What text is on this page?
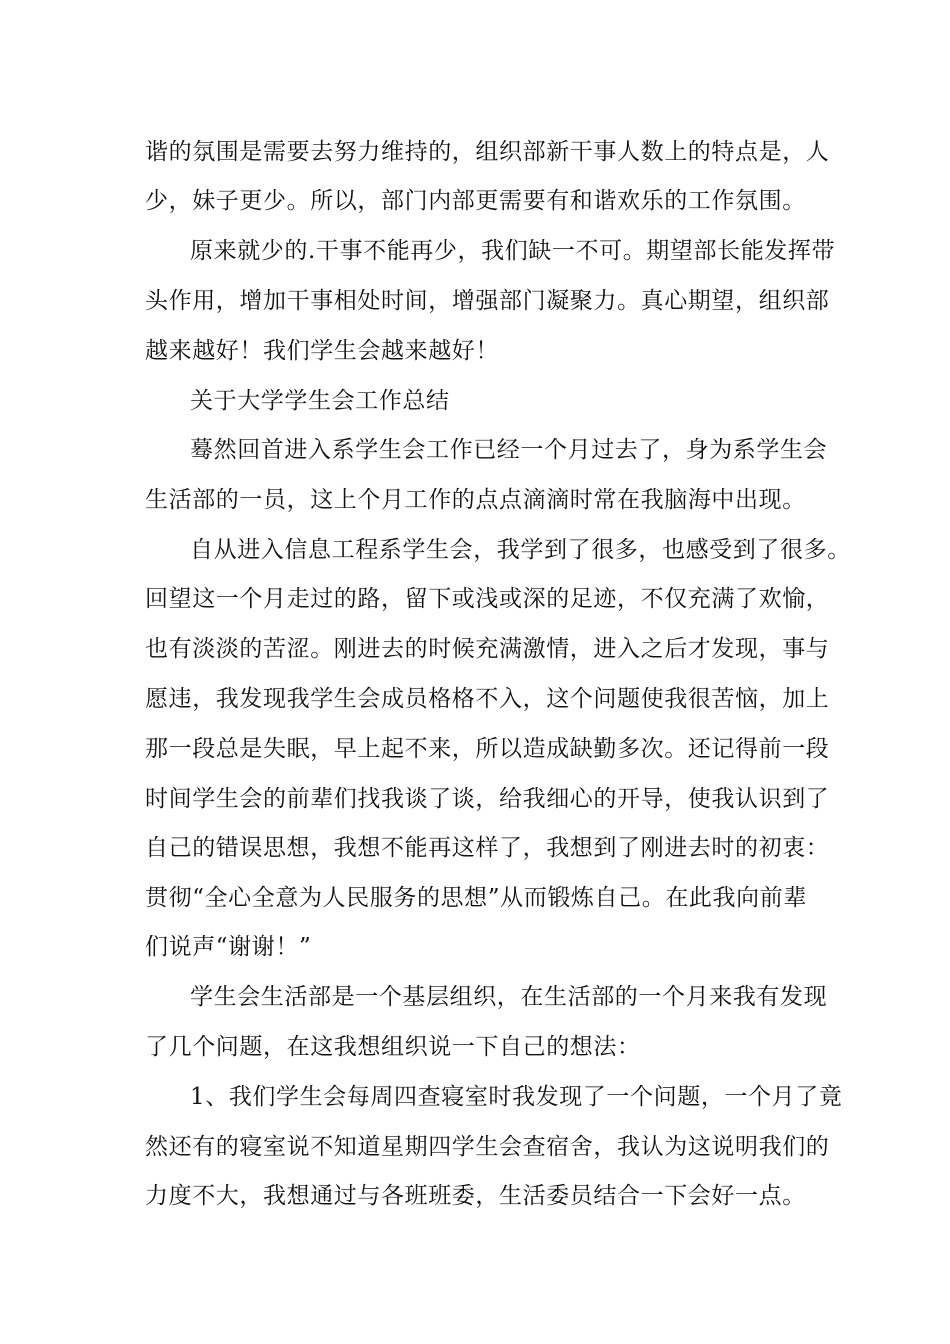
谐的氛围是需要去努力维持的，组织部新干事人数上的特点是，人
少，妹子更少。所以，部门内部更需要有和谐欢乐的工作氛围。
原来就少的.干事不能再少，我们缺一不可。期望部长能发挥带
头作用，增加干事相处时间，增强部门凝聚力。真心期望，组织部
越来越好！我们学生会越来越好！
关于大学学生会工作总结
蓦然回首进入系学生会工作已经一个月过去了，身为系学生会
生活部的一员，这上个月工作的点点滴滴时常在我脑海中出现。
自从进入信息工程系学生会，我学到了很多，也感受到了很多。
回望这一个月走过的路，留下或浅或深的足迹，不仅充满了欢愉，
也有淡淡的苦涩。刚进去的时候充满激情，进入之后才发现，事与
愿违，我发现我学生会成员格格不入，这个问题使我很苦恼，加上
那一段总是失眠，早上起不来，所以造成缺勤多次。还记得前一段
时间学生会的前辈们找我谈了谈，给我细心的开导，使我认识到了
自己的错误思想，我想不能再这样了，我想到了刚进去时的初衷：
贯彻“全心全意为人民服务的思想”从而锻炼自己。在此我向前辈
们说声“谢谢！”
学生会生活部是一个基层组织，在生活部的一个月来我有发现
了几个问题，在这我想组织说一下自己的想法：
1、我们学生会每周四查寝室时我发现了一个问题，一个月了竟
然还有的寝室说不知道星期四学生会查宿舍，我认为这说明我们的
力度不大，我想通过与各班班委，生活委员结合一下会好一点。
